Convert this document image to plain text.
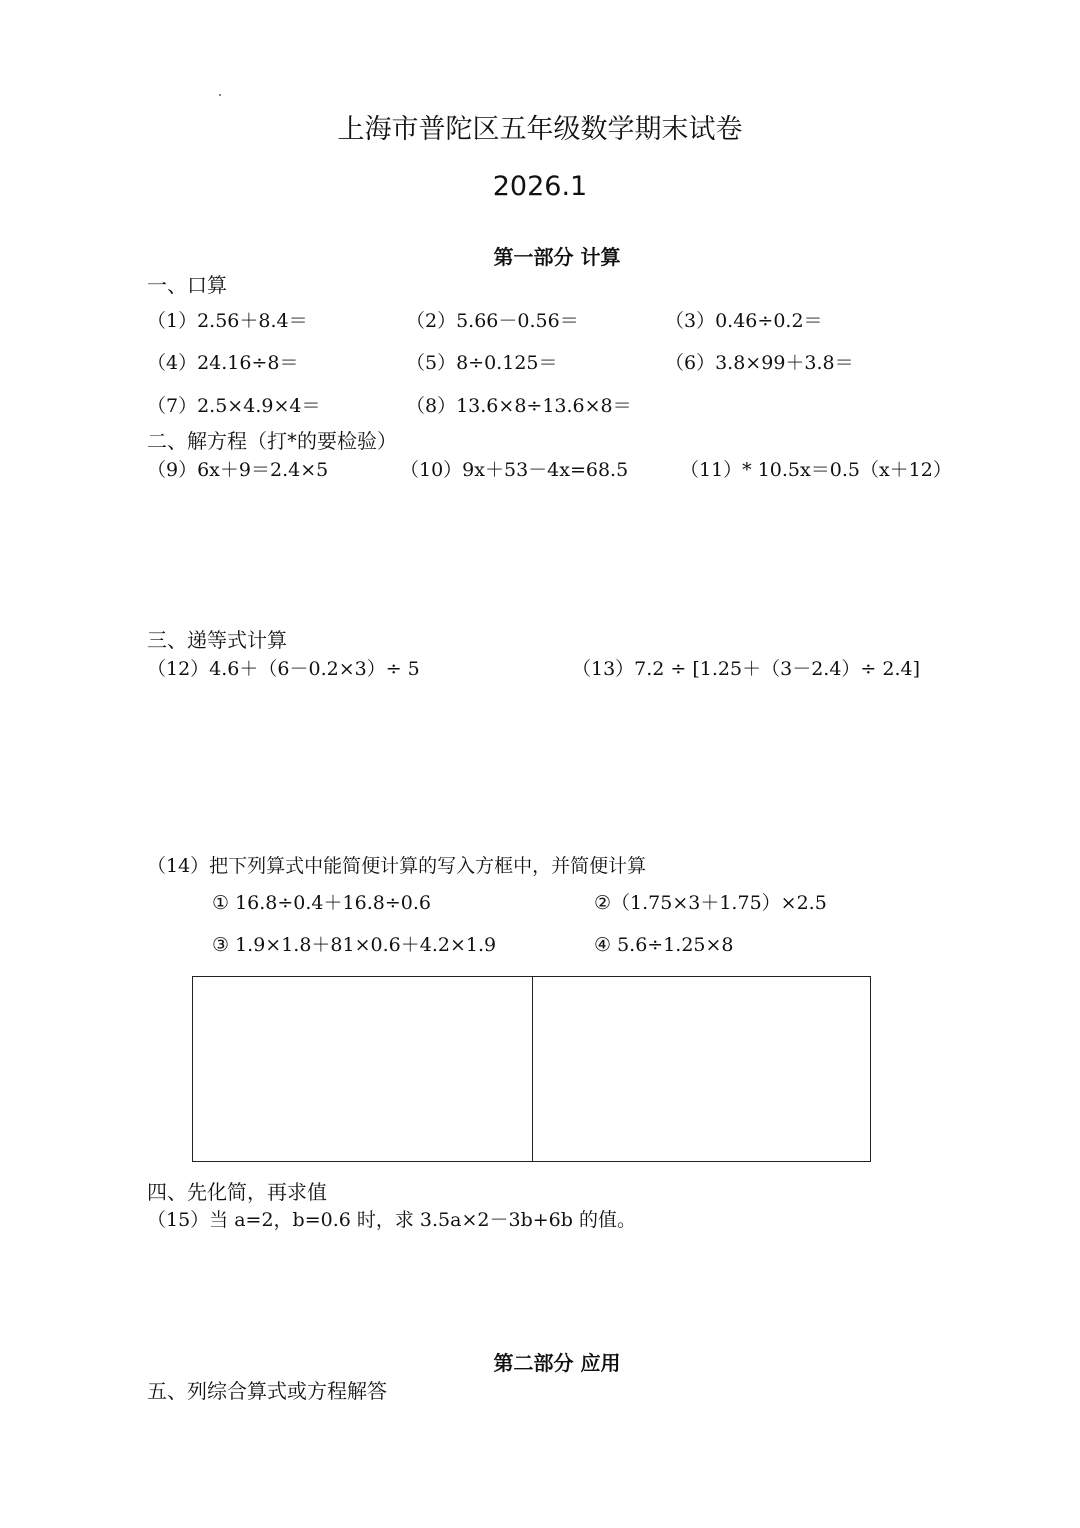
上海市普陀区五年级数学期末试卷
2026.1
第一部分 计算
一、口算
（1）2.56＋8.4＝	（2）5.66－0.56＝	（3）0.46÷0.2＝
（4）24.16÷8＝	（5）8÷0.125＝	（6）3.8×99＋3.8＝
（7）2.5×4.9×4＝	（8）13.6×8÷13.6×8＝
二、解方程（打*的要检验）
（9）6x＋9＝2.4×5	（10）9x＋53－4x=68.5	（11）* 10.5x＝0.5（x＋12）
三、递等式计算
（12）4.6＋（6－0.2×3）÷ 5	（13）7.2 ÷ [1.25＋（3－2.4）÷ 2.4]
（14）把下列算式中能简便计算的写入方框中，并简便计算
① 16.8÷0.4＋16.8÷0.6	②（1.75×3＋1.75）×2.5
③ 1.9×1.8＋81×0.6＋4.2×1.9	④ 5.6÷1.25×8
四、先化简，再求值
（15）当 a=2，b=0.6 时，求 3.5a×2－3b+6b 的值。
第二部分 应用
五、列综合算式或方程解答
